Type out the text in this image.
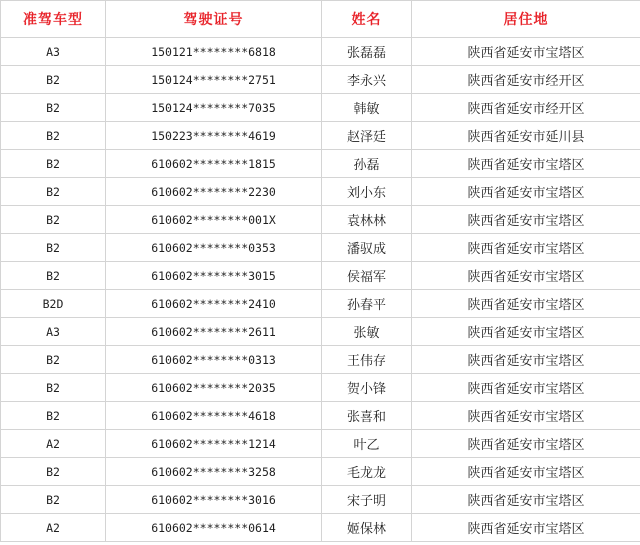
准驾车型	驾驶证号	姓名	居住地
A3	150121********6818	张磊磊	陕西省延安市宝塔区
B2	150124********2751	李永兴	陕西省延安市经开区
B2	150124********7035	韩敏	陕西省延安市经开区
B2	150223********4619	赵泽廷	陕西省延安市延川县
B2	610602********1815	孙磊	陕西省延安市宝塔区
B2	610602********2230	刘小东	陕西省延安市宝塔区
B2	610602********001X	袁林林	陕西省延安市宝塔区
B2	610602********0353	潘驭成	陕西省延安市宝塔区
B2	610602********3015	侯福军	陕西省延安市宝塔区
B2D	610602********2410	孙春平	陕西省延安市宝塔区
A3	610602********2611	张敏	陕西省延安市宝塔区
B2	610602********0313	王伟存	陕西省延安市宝塔区
B2	610602********2035	贺小锋	陕西省延安市宝塔区
B2	610602********4618	张喜和	陕西省延安市宝塔区
A2	610602********1214	叶乙	陕西省延安市宝塔区
B2	610602********3258	毛龙龙	陕西省延安市宝塔区
B2	610602********3016	宋子明	陕西省延安市宝塔区
A2	610602********0614	姬保林	陕西省延安市宝塔区
